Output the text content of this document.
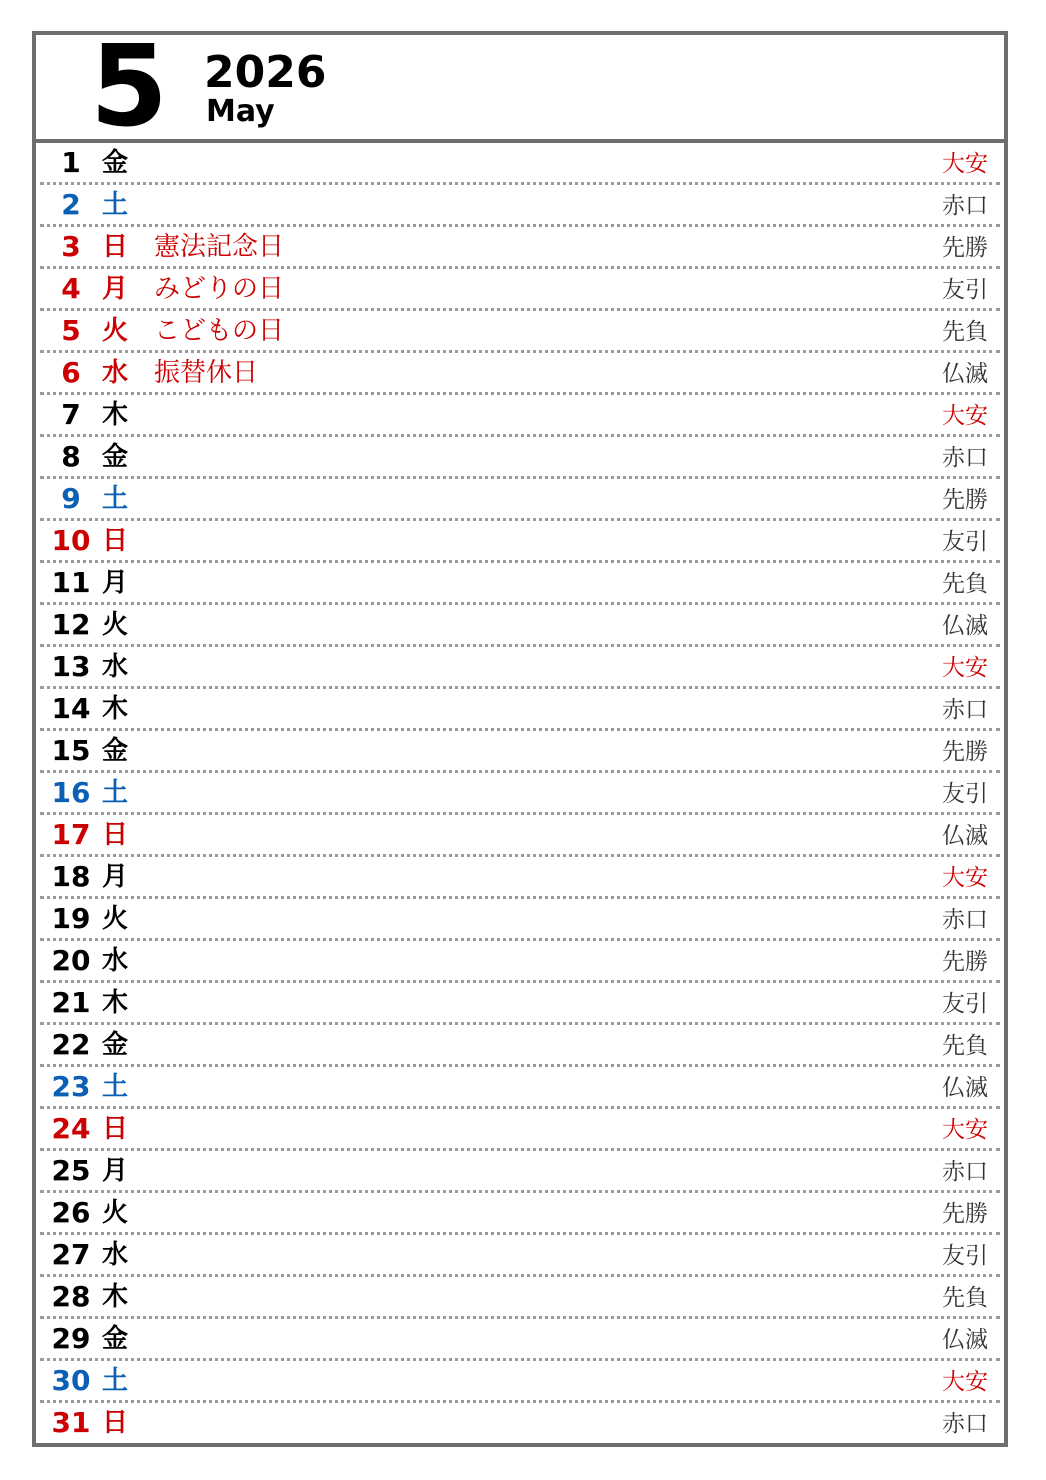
5 2026
May
1 金	大安
2 土	赤口
3 日 憲法記念日	先勝
4 月 みどりの日	友引
5 火 こどもの日	先負
6 水 振替休日	仏滅
7 木	大安
8 金	赤口
9 土	先勝
10 日	友引
11 月	先負
12 火	仏滅
13 水	大安
14 木	赤口
15 金	先勝
16 土	友引
17 日	仏滅
18 月	大安
19 火	赤口
20 水	先勝
21 木	友引
22 金	先負
23 土	仏滅
24 日	大安
25 月	赤口
26 火	先勝
27 水	友引
28 木	先負
29 金	仏滅
30 土	大安
31 日	赤口
